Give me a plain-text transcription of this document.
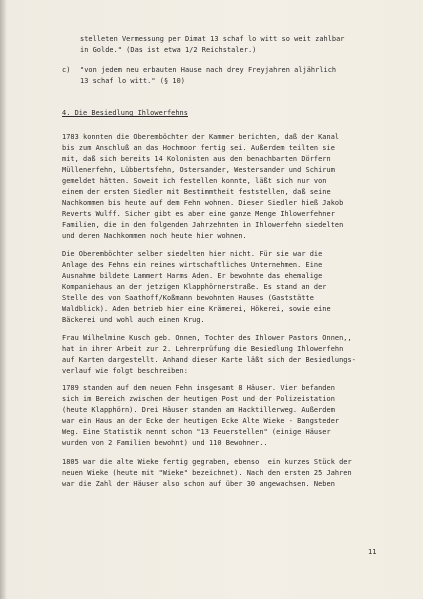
stelleten Vermessung per Dimat 13 schaf lo witt so weit zahlbar
in Golde." (Das ist etwa 1/2 Reichstaler.)
c) "von jedem neu erbauten Hause nach drey Freyjahren aljährlich
13 schaf lo witt." (§ 10)
4. Die Besiedlung Ihlowerfehns
1783 konnten die Oberemböchter der Kammer berichten, daß der Kanal
bis zum Anschluß an das Hochmoor fertig sei. Außerdem teilten sie
mit, daß sich bereits 14 Kolonisten aus den benachbarten Dörfern
Müllenerfehn, Lübbertsfehn, Ostersander, Westersander und Schirum
gemeldet hätten. Soweit ich festellen konnte, läßt sich nur von
einem der ersten Siedler mit Bestimmtheit feststellen, daß seine
Nachkommen bis heute auf dem Fehn wohnen. Dieser Siedler hieß Jakob
Reverts Wulff. Sicher gibt es aber eine ganze Menge Ihlowerfehner
Familien, die in den folgenden Jahrzehnten in Ihlowerfehn siedelten
und deren Nachkommen noch heute hier wohnen.
Die Oberemböchter selber siedelten hier nicht. Für sie war die
Anlage des Fehns ein reines wirtschaftliches Unternehmen. Eine
Ausnahme bildete Lammert Harms Aden. Er bewohnte das ehemalige
Kompaniehaus an der jetzigen Klapphörnerstraße. Es stand an der
Stelle des von Saathoff/Koßmann bewohnten Hauses (Gaststätte
Waldblick). Aden betrieb hier eine Krämerei, Hökerei, sowie eine
Bäckerei und wohl auch einen Krug.
Frau Wilhelmine Kusch geb. Onnen, Tochter des Ihlower Pastors Onnen,,
hat in ihrer Arbeit zur 2. Lehrerprüfung die Besiedlung Ihlowerfehn
auf Karten dargestellt. Anhand dieser Karte läßt sich der Besiedlungs-
verlauf wie folgt beschreiben:
1789 standen auf dem neuen Fehn insgesamt 8 Häuser. Vier befanden
sich im Bereich zwischen der heutigen Post und der Polizeistation
(heute Klapphörn). Drei Häuser standen am Hacktillerweg. Außerdem
war ein Haus an der Ecke der heutigen Ecke Alte Wieke - Bangsteder
Weg. Eine Statistik nennt schon "13 Feuerstellen" (einige Häuser
wurden von 2 Familien bewohnt) und 110 Bewohner..
1805 war die alte Wieke fertig gegraben, ebenso  ein kurzes Stück der
neuen Wieke (heute mit "Wieke" bezeichnet). Nach den ersten 25 Jahren
war die Zahl der Häuser also schon auf über 30 angewachsen. Neben
11
